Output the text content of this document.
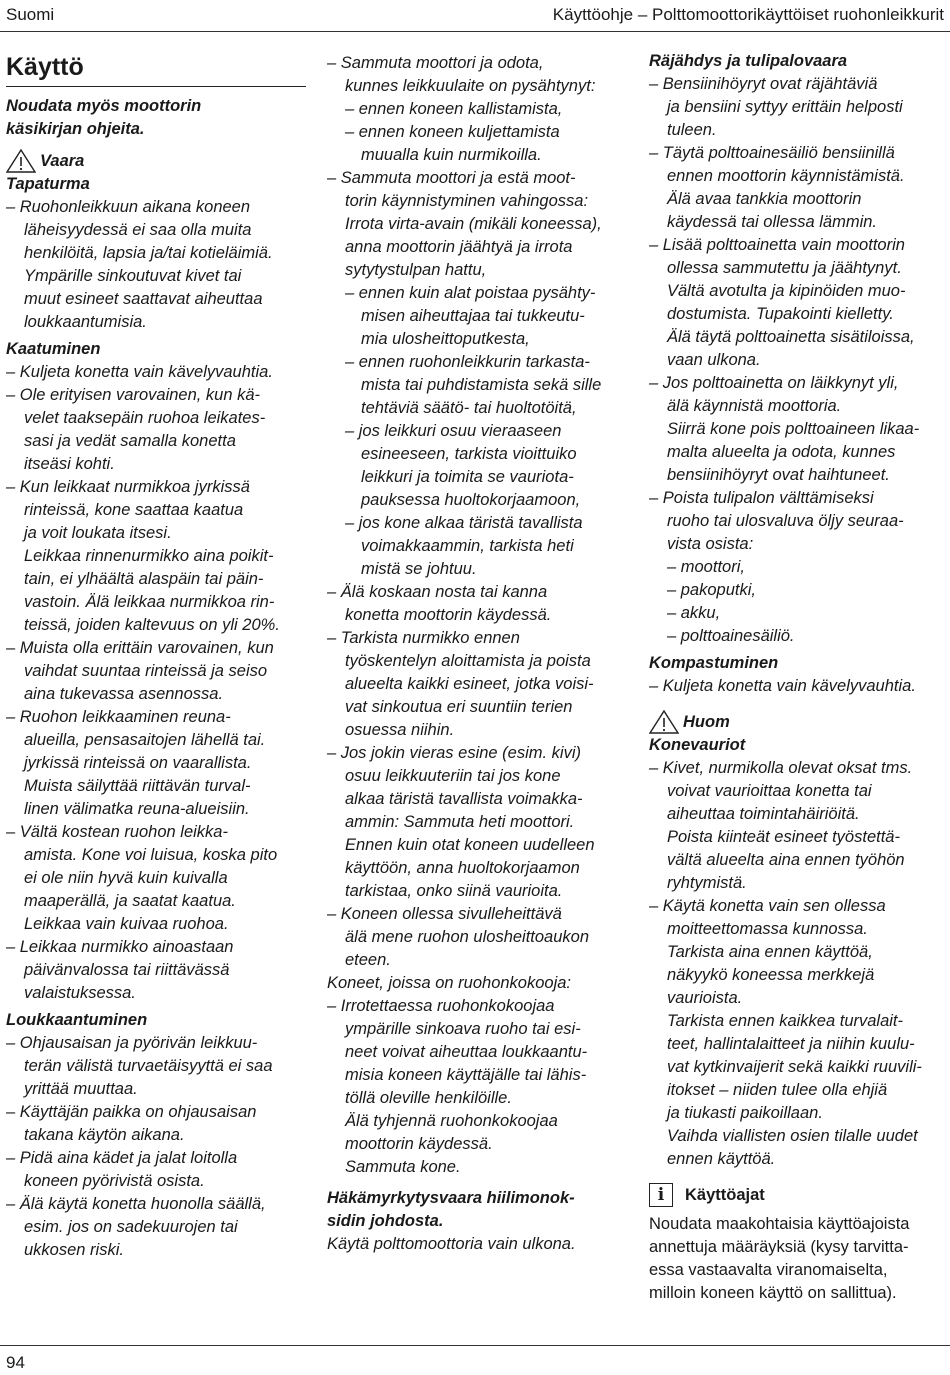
Suomi	Käyttöohje – Polttomoottorikäyttöiset ruohonleikkurit
Käyttö
Noudata myös moottorin
käsikirjan ohjeita.
Vaara
Tapaturma
– Ruohonleikkuun aikana koneen
läheisyydessä ei saa olla muita
henkilöitä, lapsia ja/tai kotieläimiä.
Ympärille sinkoutuvat kivet tai
muut esineet saattavat aiheuttaa
loukkaantumisia.
Kaatuminen
– Kuljeta konetta vain kävelyvauhtia.
– Ole erityisen varovainen, kun kä-
velet taaksepäin ruohoa leikates-
sasi ja vedät samalla konetta
itseäsi kohti.
– Kun leikkaat nurmikkoa jyrkissä
rinteissä, kone saattaa kaatua
ja voit loukata itsesi.
Leikkaa rinnenurmikko aina poikit-
tain, ei ylhäältä alaspäin tai päin-
vastoin. Älä leikkaa nurmikkoa rin-
teissä, joiden kaltevuus on yli 20%.
– Muista olla erittäin varovainen, kun
vaihdat suuntaa rinteissä ja seiso
aina tukevassa asennossa.
– Ruohon leikkaaminen reuna-
alueilla, pensasaitojen lähellä tai.
jyrkissä rinteissä on vaarallista.
Muista säilyttää riittävän turval-
linen välimatka reuna-alueisiin.
– Vältä kostean ruohon leikka-
amista. Kone voi luisua, koska pito
ei ole niin hyvä kuin kuivalla
maaperällä, ja saatat kaatua.
Leikkaa vain kuivaa ruohoa.
– Leikkaa nurmikko ainoastaan
päivänvalossa tai riittävässä
valaistuksessa.
Loukkaantuminen
– Ohjausaisan ja pyörivän leikkuu-
terän välistä turvaetäisyyttä ei saa
yrittää muuttaa.
– Käyttäjän paikka on ohjausaisan
takana käytön aikana.
– Pidä aina kädet ja jalat loitolla
koneen pyörivistä osista.
– Älä käytä konetta huonolla säällä,
esim. jos on sadekuurojen tai
ukkosen riski.
– Sammuta moottori ja odota,
kunnes leikkuulaite on pysähtynyt:
– ennen koneen kallistamista,
– ennen koneen kuljettamista
muualla kuin nurmikoilla.
– Sammuta moottori ja estä moot-
torin käynnistyminen vahingossa:
Irrota virta-avain (mikäli koneessa),
anna moottorin jäähtyä ja irrota
sytytystulpan hattu,
– ennen kuin alat poistaa pysähty-
misen aiheuttajaa tai tukkeutu-
mia ulosheittoputkesta,
– ennen ruohonleikkurin tarkasta-
mista tai puhdistamista sekä sille
tehtäviä säätö- tai huoltotöitä,
– jos leikkuri osuu vieraaseen
esineeseen, tarkista vioittuiko
leikkuri ja toimita se vauriota-
pauksessa huoltokorjaamoon,
– jos kone alkaa täristä tavallista
voimakkaammin, tarkista heti
mistä se johtuu.
– Älä koskaan nosta tai kanna
konetta moottorin käydessä.
– Tarkista nurmikko ennen
työskentelyn aloittamista ja poista
alueelta kaikki esineet, jotka voisi-
vat sinkoutua eri suuntiin terien
osuessa niihin.
– Jos jokin vieras esine (esim. kivi)
osuu leikkuuteriin tai jos kone
alkaa täristä tavallista voimakka-
ammin: Sammuta heti moottori.
Ennen kuin otat koneen uudelleen
käyttöön, anna huoltokorjaamon
tarkistaa, onko siinä vaurioita.
– Koneen ollessa sivulleheittävä
älä mene ruohon ulosheittoaukon
eteen.
Koneet, joissa on ruohonkokooja:
– Irrotettaessa ruohonkokoojaa
ympärille sinkoava ruoho tai esi-
neet voivat aiheuttaa loukkaantu-
misia koneen käyttäjälle tai lähis-
töllä oleville henkilöille.
Älä tyhjennä ruohonkokoojaa
moottorin käydessä.
Sammuta kone.
Häkämyrkytysvaara hiilimonok-
sidin johdosta.
Käytä polttomoottoria vain ulkona.
Räjähdys ja tulipalovaara
– Bensiinihöyryt ovat räjähtäviä
ja bensiini syttyy erittäin helposti
tuleen.
– Täytä polttoainesäiliö bensiinillä
ennen moottorin käynnistämistä.
Älä avaa tankkia moottorin
käydessä tai ollessa lämmin.
– Lisää polttoainetta vain moottorin
ollessa sammutettu ja jäähtynyt.
Vältä avotulta ja kipinöiden muo-
dostumista. Tupakointi kielletty.
Älä täytä polttoainetta sisätiloissa,
vaan ulkona.
– Jos polttoainetta on läikkynyt yli,
älä käynnistä moottoria.
Siirrä kone pois polttoaineen likaa-
malta alueelta ja odota, kunnes
bensiinihöyryt ovat haihtuneet.
– Poista tulipalon välttämiseksi
ruoho tai ulosvaluva öljy seuraa-
vista osista:
– moottori,
– pakoputki,
– akku,
– polttoainesäiliö.
Kompastuminen
– Kuljeta konetta vain kävelyvauhtia.
Huom
Konevauriot
– Kivet, nurmikolla olevat oksat tms.
voivat vaurioittaa konetta tai
aiheuttaa toimintahäiriöitä.
Poista kiinteät esineet työstettä-
vältä alueelta aina ennen työhön
ryhtymistä.
– Käytä konetta vain sen ollessa
moitteettomassa kunnossa.
Tarkista aina ennen käyttöä,
näkyykö koneessa merkkejä
vaurioista.
Tarkista ennen kaikkea turvalait-
teet, hallintalaitteet ja niihin kuulu-
vat kytkinvaijerit sekä kaikki ruuvili-
itokset – niiden tulee olla ehjiä
ja tiukasti paikoillaan.
Vaihda viallisten osien tilalle uudet
ennen käyttöä.
i	Käyttöajat
Noudata maakohtaisia käyttöajoista
annettuja määräyksiä (kysy tarvitta-
essa vastaavalta viranomaiselta,
milloin koneen käyttö on sallittua).
94
